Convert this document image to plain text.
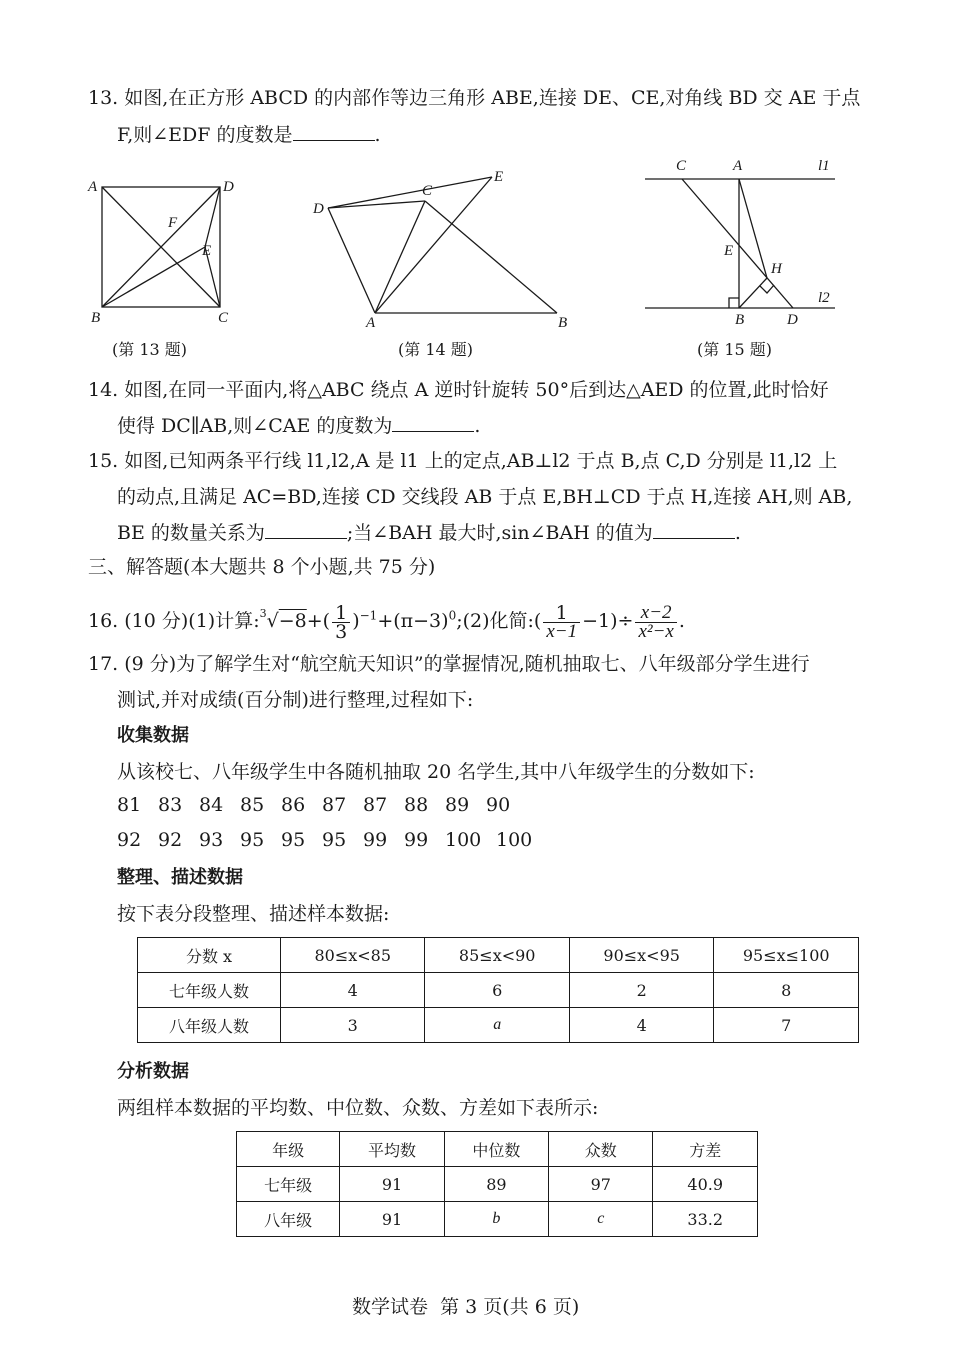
13. 如图,在正方形 ABCD 的内部作等边三角形 ABE,连接 DE、CE,对角线 BD 交 AE 于点
F,则∠EDF 的度数是	.
A	D
B	C
F
E
(第 13 题)
D
C
E
A	B
(第 14 题)
C	A	l1
E
H
B	D
l2
(第 15 题)
14. 如图,在同一平面内,将△ABC 绕点 A 逆时针旋转 50°后到达△AED 的位置,此时恰好
使得 DC∥AB,则∠CAE 的度数为	.
15. 如图,已知两条平行线 l1,l2,A 是 l1 上的定点,AB⊥l2 于点 B,点 C,D 分别是 l1,l2 上
的动点,且满足 AC=BD,连接 CD 交线段 AB 于点 E,BH⊥CD 于点 H,连接 AH,则 AB,
BE 的数量关系为	;当∠BAH 最大时,sin∠BAH 的值为	.
三、解答题(本大题共 8 个小题,共 75 分)
16. (10 分)(1)计算:$^3$√−8+( $\frac{1}{3}$ )$^{-1}+(\pi-3)^0;(2)$化简:( $\frac{1}{x-1} -1)\div \frac{x-2}{\text{x²−x}}$ .
17. (9 分)为了解学生对“航空航天知识”的掌握情况,随机抽取七、八年级部分学生进行
测试,并对成绩(百分制)进行整理,过程如下:
收集数据
从该校七、八年级学生中各随机抽取 20 名学生,其中八年级学生的分数如下:
81 83 84 85 86 87 87 88 89 90
92 92 93 95 95 95 99 99 100 100
整理、描述数据
按下表分段整理、描述样本数据:
分数 x	80≤x<85	85≤x<90	90≤x<95	95≤x≤100
七年级人数	4	6	2	8
八年级人数	3	a	4	7
分析数据
两组样本数据的平均数、中位数、众数、方差如下表所示:
年级	平均数	中位数	众数	方差
七年级	91	89	97	40.9
八年级	91	b	c	33.2
数学试卷  第 3 页(共 6 页)
